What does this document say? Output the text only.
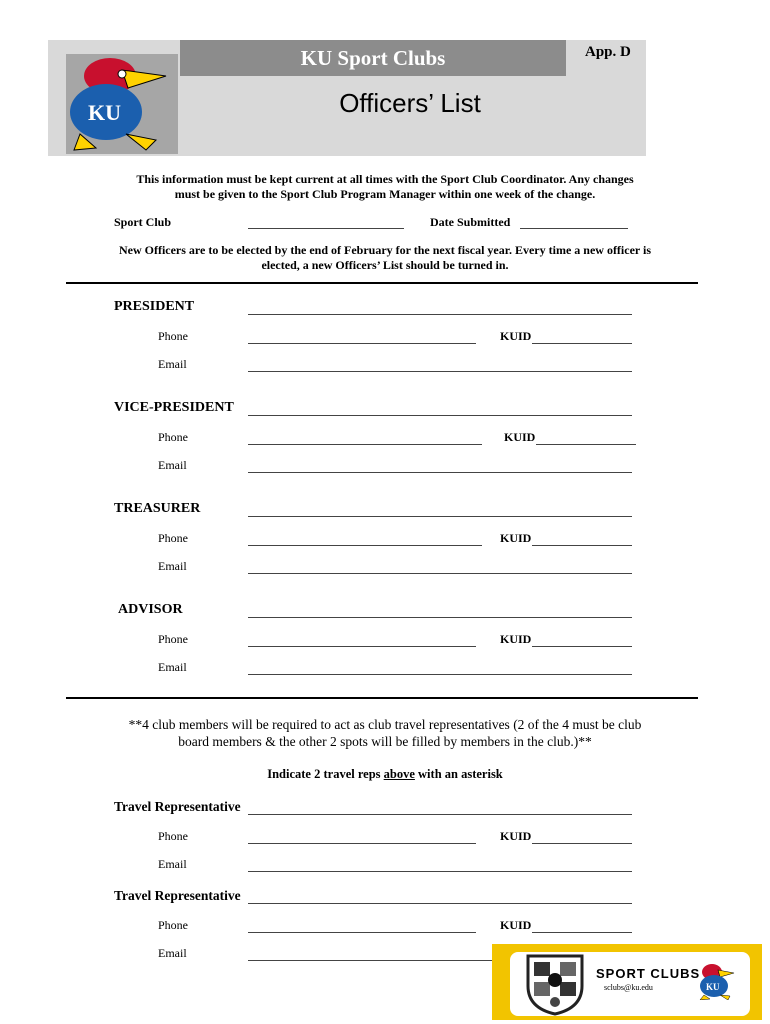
KU Sport Clubs
KU
App. D
Officers’ List
This information must be kept current at all times with the Sport Club Coordinator. Any changes
must be given to the Sport Club Program Manager within one week of the change.
Sport Club	Date Submitted
New Officers are to be elected by the end of February for the next fiscal year. Every time a new officer is
elected, a new Officers’ List should be turned in.
PRESIDENT
Phone	KUID
Email
VICE-PRESIDENT
Phone	KUID
Email
TREASURER
Phone	KUID
Email
ADVISOR
Phone	KUID
Email
**4 club members will be required to act as club travel representatives (2 of the 4 must be club
board members & the other 2 spots will be filled by members in the club.)**
Indicate 2 travel reps above with an asterisk
Travel Representative
Phone	KUID
Email
Travel Representative
Phone	KUID
Email
SPORT CLUBS
sclubs@ku.edu	KU
